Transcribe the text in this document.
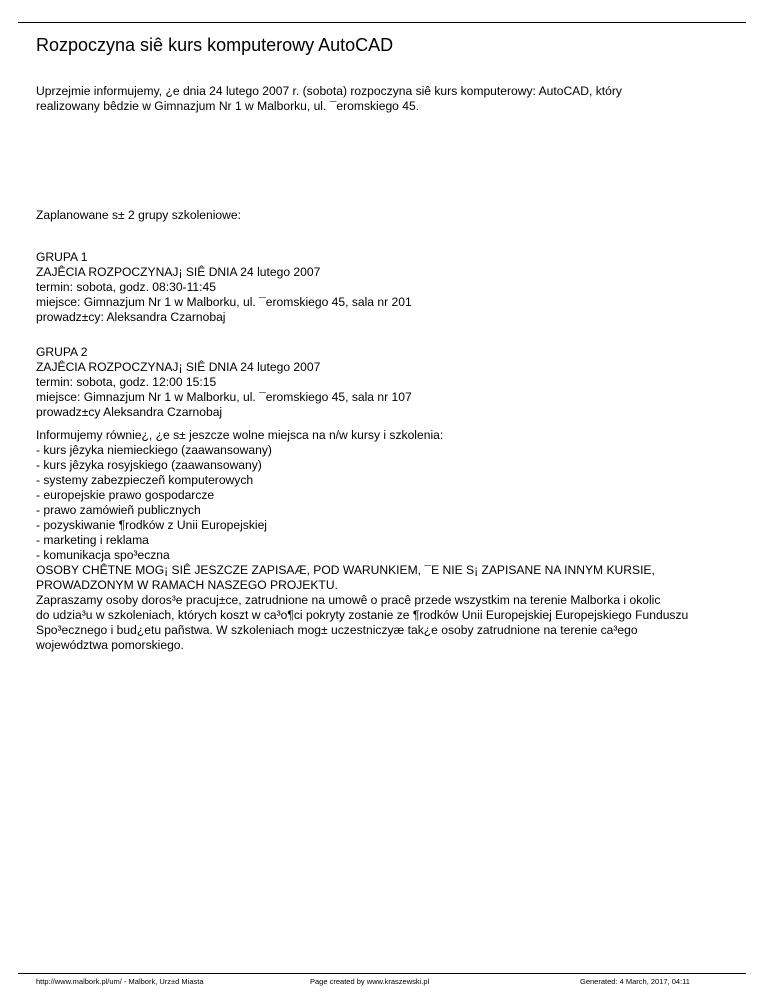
Rozpoczyna siê kurs komputerowy AutoCAD
Uprzejmie informujemy, ¿e dnia 24 lutego 2007 r. (sobota) rozpoczyna siê kurs komputerowy: AutoCAD, który
realizowany bêdzie w Gimnazjum Nr 1 w Malborku, ul. ¯eromskiego 45.
Zaplanowane s± 2 grupy szkoleniowe:
GRUPA 1
ZAJÊCIA ROZPOCZYNAJ¡ SIÊ DNIA 24 lutego 2007
termin: sobota, godz. 08:30-11:45
miejsce: Gimnazjum Nr 1 w Malborku, ul. ¯eromskiego 45, sala nr 201
prowadz±cy: Aleksandra Czarnobaj
GRUPA 2
ZAJÊCIA ROZPOCZYNAJ¡ SIÊ DNIA 24 lutego 2007
termin: sobota, godz. 12:00 15:15
miejsce: Gimnazjum Nr 1 w Malborku, ul. ¯eromskiego 45, sala nr 107
prowadz±cy Aleksandra Czarnobaj
Informujemy równie¿, ¿e s± jeszcze wolne miejsca na n/w kursy i szkolenia:
- kurs jêzyka niemieckiego (zaawansowany)
- kurs jêzyka rosyjskiego (zaawansowany)
- systemy zabezpieczeñ komputerowych
- europejskie prawo gospodarcze
- prawo zamówieñ publicznych
- pozyskiwanie ¶rodków z Unii Europejskiej
- marketing i reklama
- komunikacja spo³eczna
OSOBY CHÊTNE MOG¡ SIÊ JESZCZE ZAPISAÆ, POD WARUNKIEM, ¯E NIE S¡ ZAPISANE NA INNYM KURSIE,
PROWADZONYM W RAMACH NASZEGO PROJEKTU.
Zapraszamy osoby doros³e pracuj±ce, zatrudnione na umowê o pracê przede wszystkim na terenie Malborka i okolic
do udzia³u w szkoleniach, których koszt w ca³o¶ci pokryty zostanie ze ¶rodków Unii Europejskiej Europejskiego Funduszu
Spo³ecznego i bud¿etu pañstwa. W szkoleniach mog± uczestniczyæ tak¿e osoby zatrudnione na terenie ca³ego
województwa pomorskiego.
http://www.malbork.pl/um/ - Malbork, Urz±d Miasta	Page created by www.kraszewski.pl	Generated: 4 March, 2017, 04:11
